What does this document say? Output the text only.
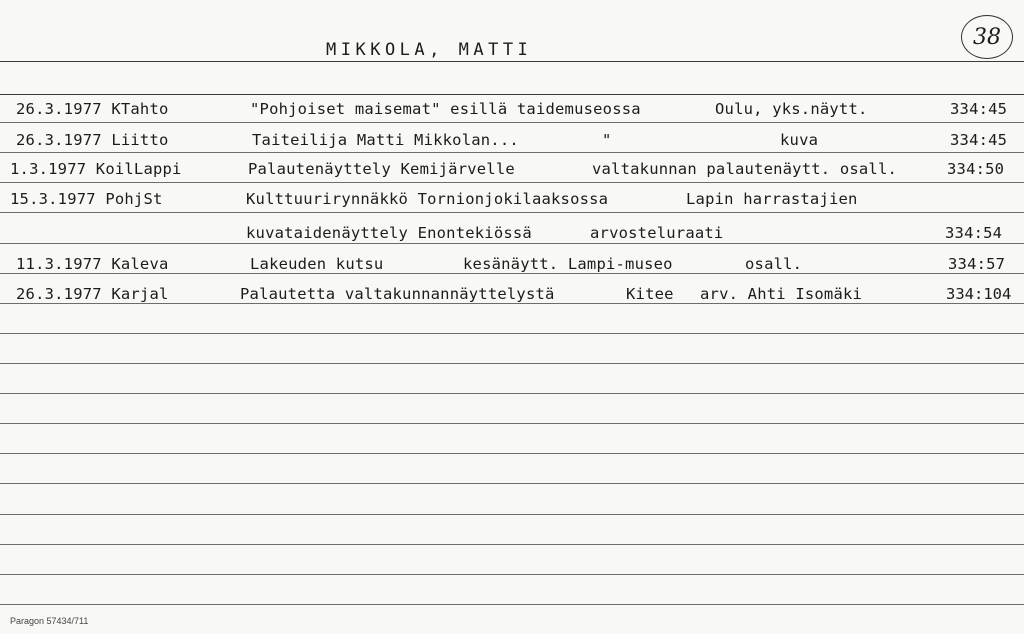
MIKKOLA, MATTI
38
26.3.1977 KTahto	"Pohjoiset maisemat" esillä taidemuseossa	Oulu, yks.näytt.	334:45
26.3.1977 Liitto	Taiteilija Matti Mikkolan...	"	kuva	334:45
1.3.1977 KoilLappi	Palautenäyttely Kemijärvelle	valtakunnan palautenäytt. osall.	334:50
15.3.1977 PohjSt	Kulttuurirynnäkkö Tornionjokilaaksossa	Lapin harrastajien
kuvataidenäyttely Enontekiössä	arvosteluraati	334:54
11.3.1977 Kaleva	Lakeuden kutsu	kesänäytt. Lampi-museo	osall.	334:57
26.3.1977 Karjal	Palautetta valtakunnannäyttelystä	Kitee arv. Ahti Isomäki	334:104
Paragon 57434/711
